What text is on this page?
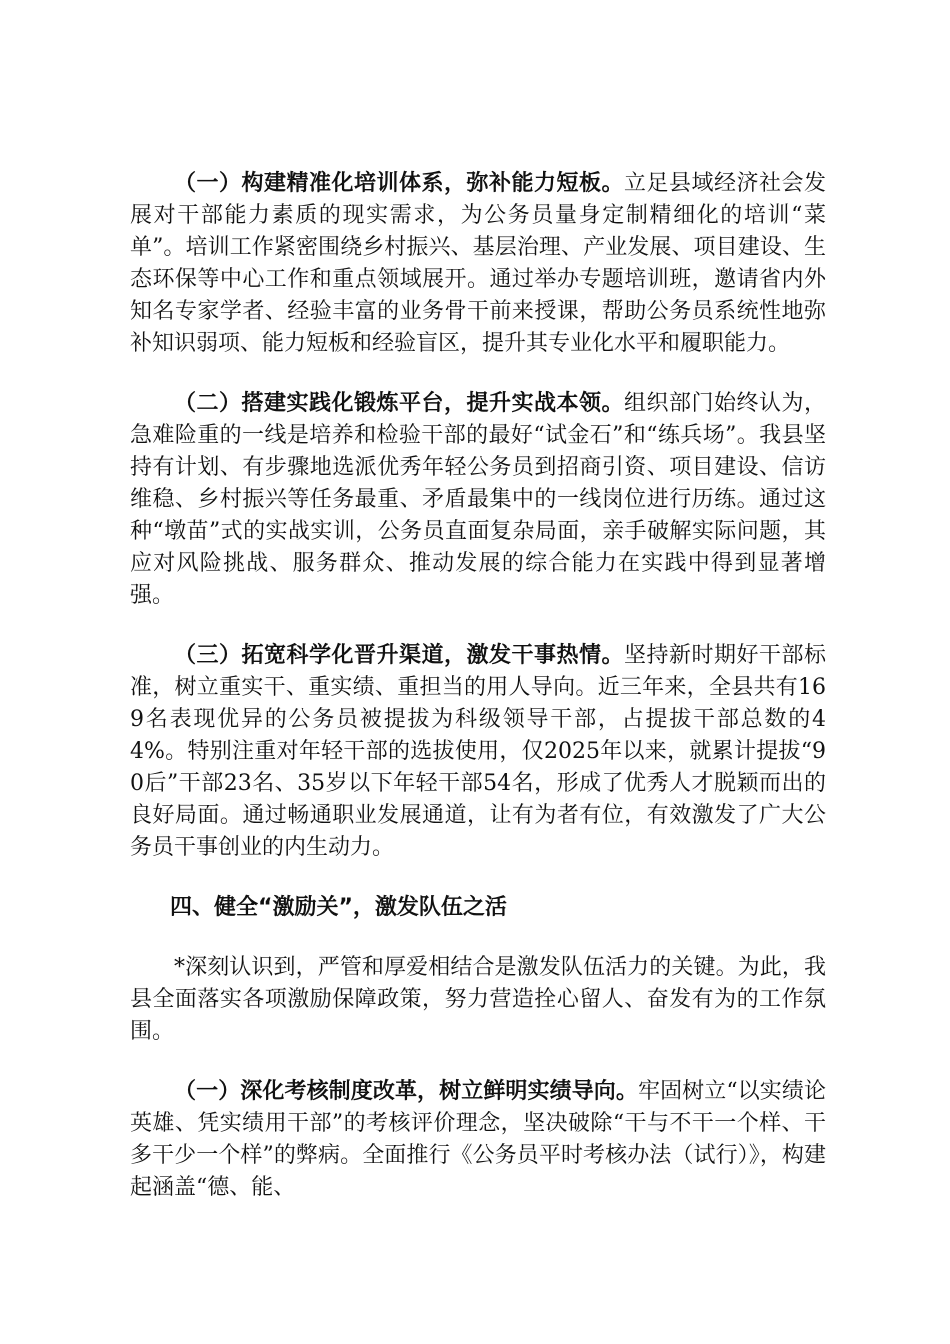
（一）构建精准化培训体系，弥补能力短板。立足县域经济社会发展对干部能力素质的现实需求，为公务员量身定制精细化的培训“菜单”。培训工作紧密围绕乡村振兴、基层治理、产业发展、项目建设、生态环保等中心工作和重点领域展开。通过举办专题培训班，邀请省内外知名专家学者、经验丰富的业务骨干前来授课，帮助公务员系统性地弥补知识弱项、能力短板和经验盲区，提升其专业化水平和履职能力。

（二）搭建实践化锻炼平台，提升实战本领。组织部门始终认为，急难险重的一线是培养和检验干部的最好“试金石”和“练兵场”。我县坚持有计划、有步骤地选派优秀年轻公务员到招商引资、项目建设、信访维稳、乡村振兴等任务最重、矛盾最集中的一线岗位进行历练。通过这种“墩苗”式的实战实训，公务员直面复杂局面，亲手破解实际问题，其应对风险挑战、服务群众、推动发展的综合能力在实践中得到显著增强。

（三）拓宽科学化晋升渠道，激发干事热情。坚持新时期好干部标准，树立重实干、重实绩、重担当的用人导向。近三年来，全县共有169名表现优异的公务员被提拔为科级领导干部，占提拔干部总数的44%。特别注重对年轻干部的选拔使用，仅2025年以来，就累计提拔“90后”干部23名、35岁以下年轻干部54名，形成了优秀人才脱颖而出的良好局面。通过畅通职业发展通道，让有为者有位，有效激发了广大公务员干事创业的内生动力。

四、健全“激励关”，激发队伍之活

*深刻认识到，严管和厚爱相结合是激发队伍活力的关键。为此，我县全面落实各项激励保障政策，努力营造拴心留人、奋发有为的工作氛围。

（一）深化考核制度改革，树立鲜明实绩导向。牢固树立“以实绩论英雄、凭实绩用干部”的考核评价理念，坚决破除“干与不干一个样、干多干少一个样”的弊病。全面推行《公务员平时考核办法（试行）》，构建起涵盖“德、能、
